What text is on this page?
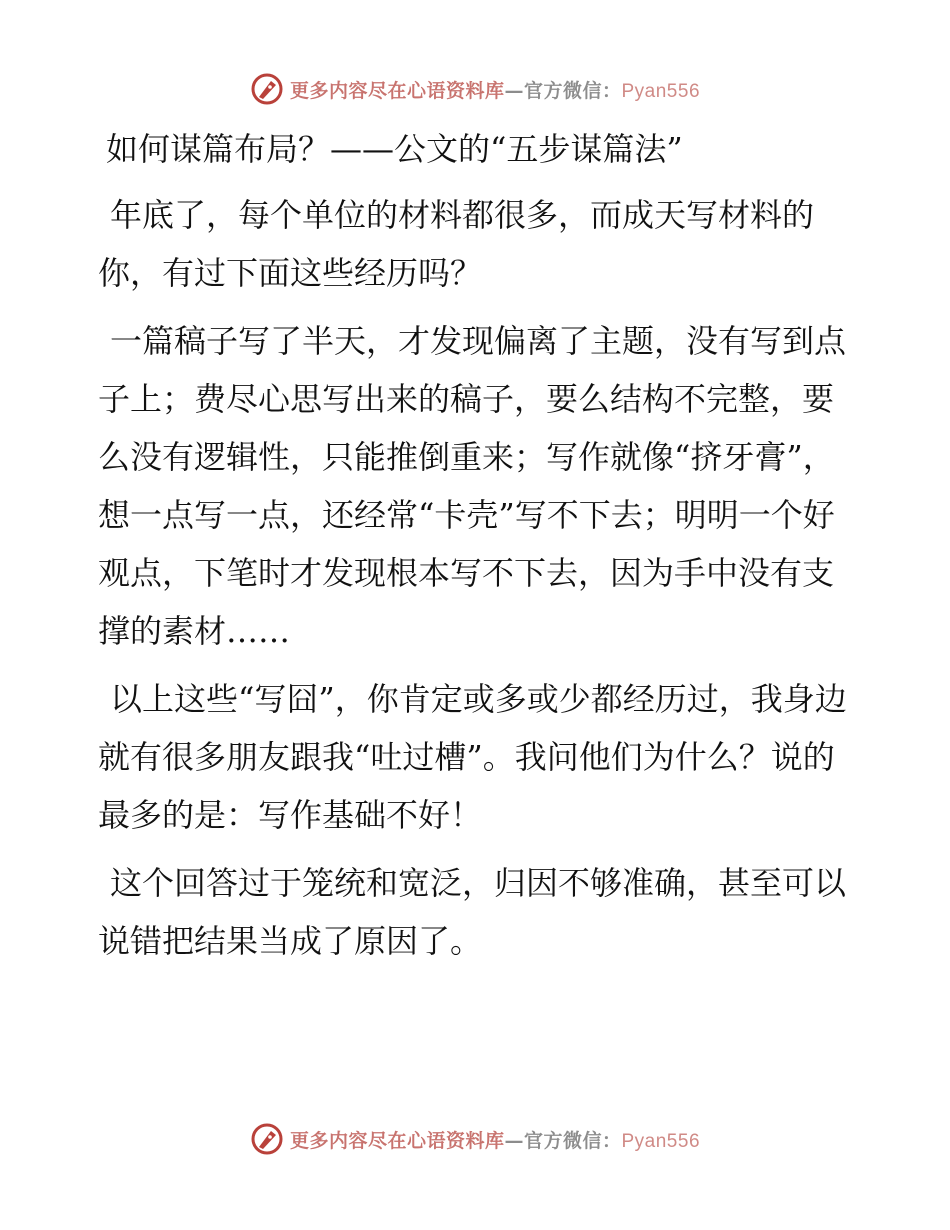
更多内容尽在心语资料库—官方微信：Pyan556
如何谋篇布局？——公文的“五步谋篇法”

年底了，每个单位的材料都很多，而成天写材料的你，有过下面这些经历吗？

一篇稿子写了半天，才发现偏离了主题，没有写到点子上；费尽心思写出来的稿子，要么结构不完整，要么没有逻辑性，只能推倒重来；写作就像“挤牙膏”，想一点写一点，还经常“卡壳”写不下去；明明一个好观点，下笔时才发现根本写不下去，因为手中没有支撑的素材……

以上这些“写囧”，你肯定或多或少都经历过，我身边就有很多朋友跟我“吐过槽”。我问他们为什么？说的最多的是：写作基础不好！

这个回答过于笼统和宽泛，归因不够准确，甚至可以说错把结果当成了原因了。

更多内容尽在心语资料库—官方微信：Pyan556
